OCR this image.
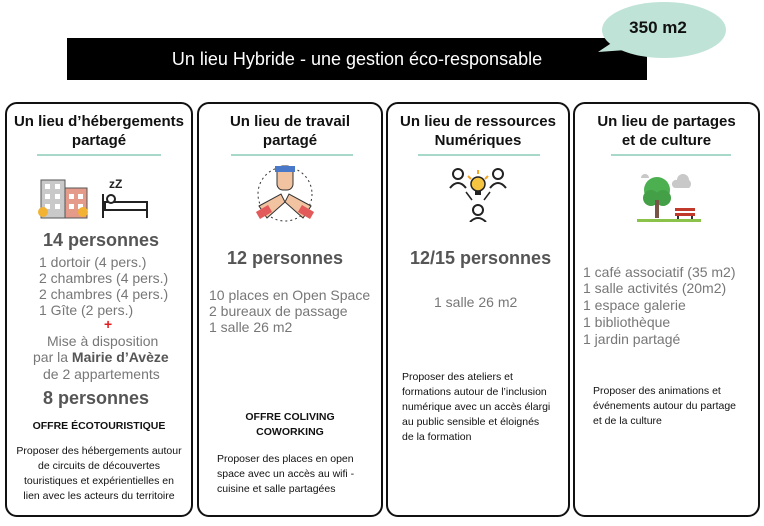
Un lieu Hybride - une gestion éco-responsable
350 m2
Un lieu d’hébergements
partagé
zZ
14 personnes
1 dortoir (4 pers.)
2 chambres (4 pers.)
2 chambres (4 pers.)
1 Gîte (2 pers.)
+
Mise à disposition
par la Mairie d’Avèze
de 2 appartements
8 personnes
OFFRE ÉCOTOURISTIQUE
Proposer des hébergements autour
de circuits de découvertes
touristiques et expérientielles en
lien avec les acteurs du territoire
Un lieu de travail
partagé
12 personnes
10 places en Open Space
2 bureaux de passage
1 salle 26 m2
OFFRE COLIVING
COWORKING
Proposer des places en open
space avec un accès au wifi -
cuisine et salle partagées
Un lieu de ressources
Numériques
12/15 personnes
1 salle 26 m2
Proposer des ateliers et
formations autour de l’inclusion
numérique avec un accès élargi
au public sensible et éloignés
de la formation
Un lieu de partages
et de culture
1 café associatif (35 m2)
1 salle activités (20m2)
1 espace galerie
1 bibliothèque
1 jardin partagé
Proposer des animations et
événements autour du partage
et de la culture
